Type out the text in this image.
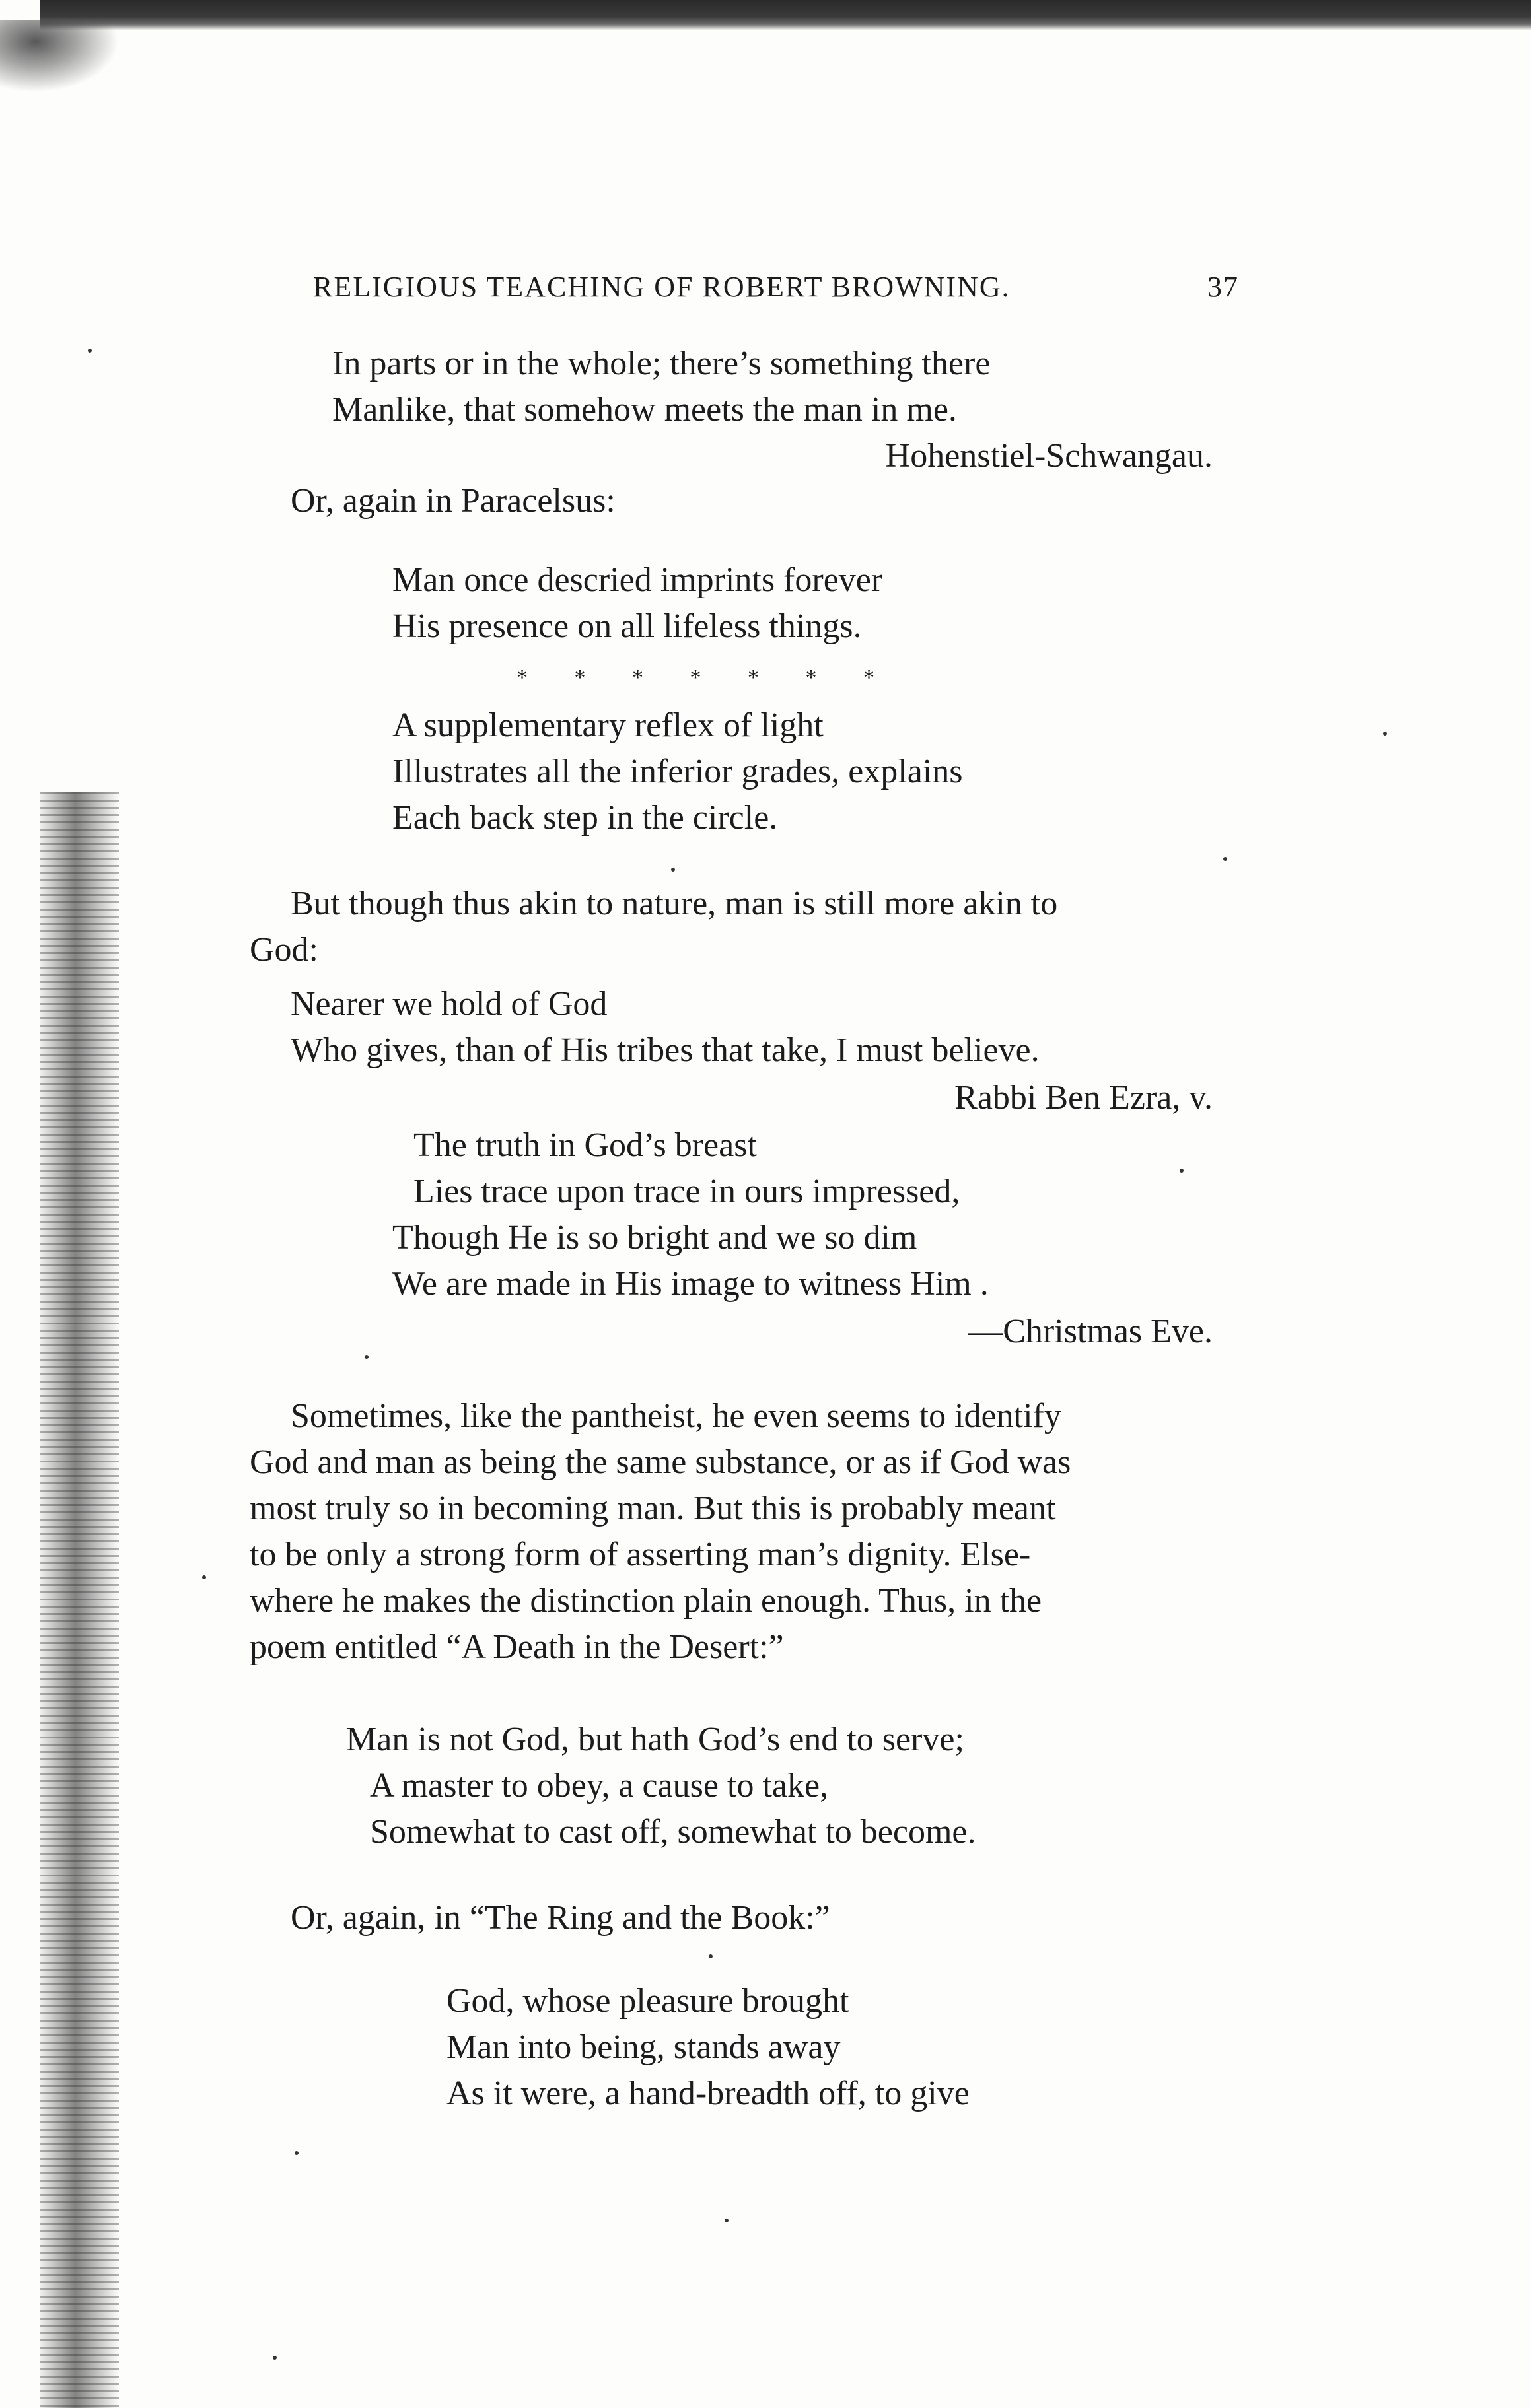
RELIGIOUS TEACHING OF ROBERT BROWNING.	37
In parts or in the whole; there’s something there
Manlike, that somehow meets the man in me.
Hohenstiel-Schwangau.
Or, again in Paracelsus:
Man once descried imprints forever
His presence on all lifeless things.
* * * * * * *
A supplementary reflex of light
Illustrates all the inferior grades, explains
Each back step in the circle.
But though thus akin to nature, man is still more akin to
God:
Nearer we hold of God
Who gives, than of His tribes that take, I must believe.
Rabbi Ben Ezra, v.
The truth in God’s breast
Lies trace upon trace in ours impressed,
Though He is so bright and we so dim
We are made in His image to witness Him .
—Christmas Eve.
Sometimes, like the pantheist, he even seems to identify
God and man as being the same substance, or as if God was
most truly so in becoming man. But this is probably meant
to be only a strong form of asserting man’s dignity. Else-
where he makes the distinction plain enough. Thus, in the
poem entitled “A Death in the Desert:”
Man is not God, but hath God’s end to serve;
A master to obey, a cause to take,
Somewhat to cast off, somewhat to become.
Or, again, in “The Ring and the Book:”
God, whose pleasure brought
Man into being, stands away
As it were, a hand-breadth off, to give
